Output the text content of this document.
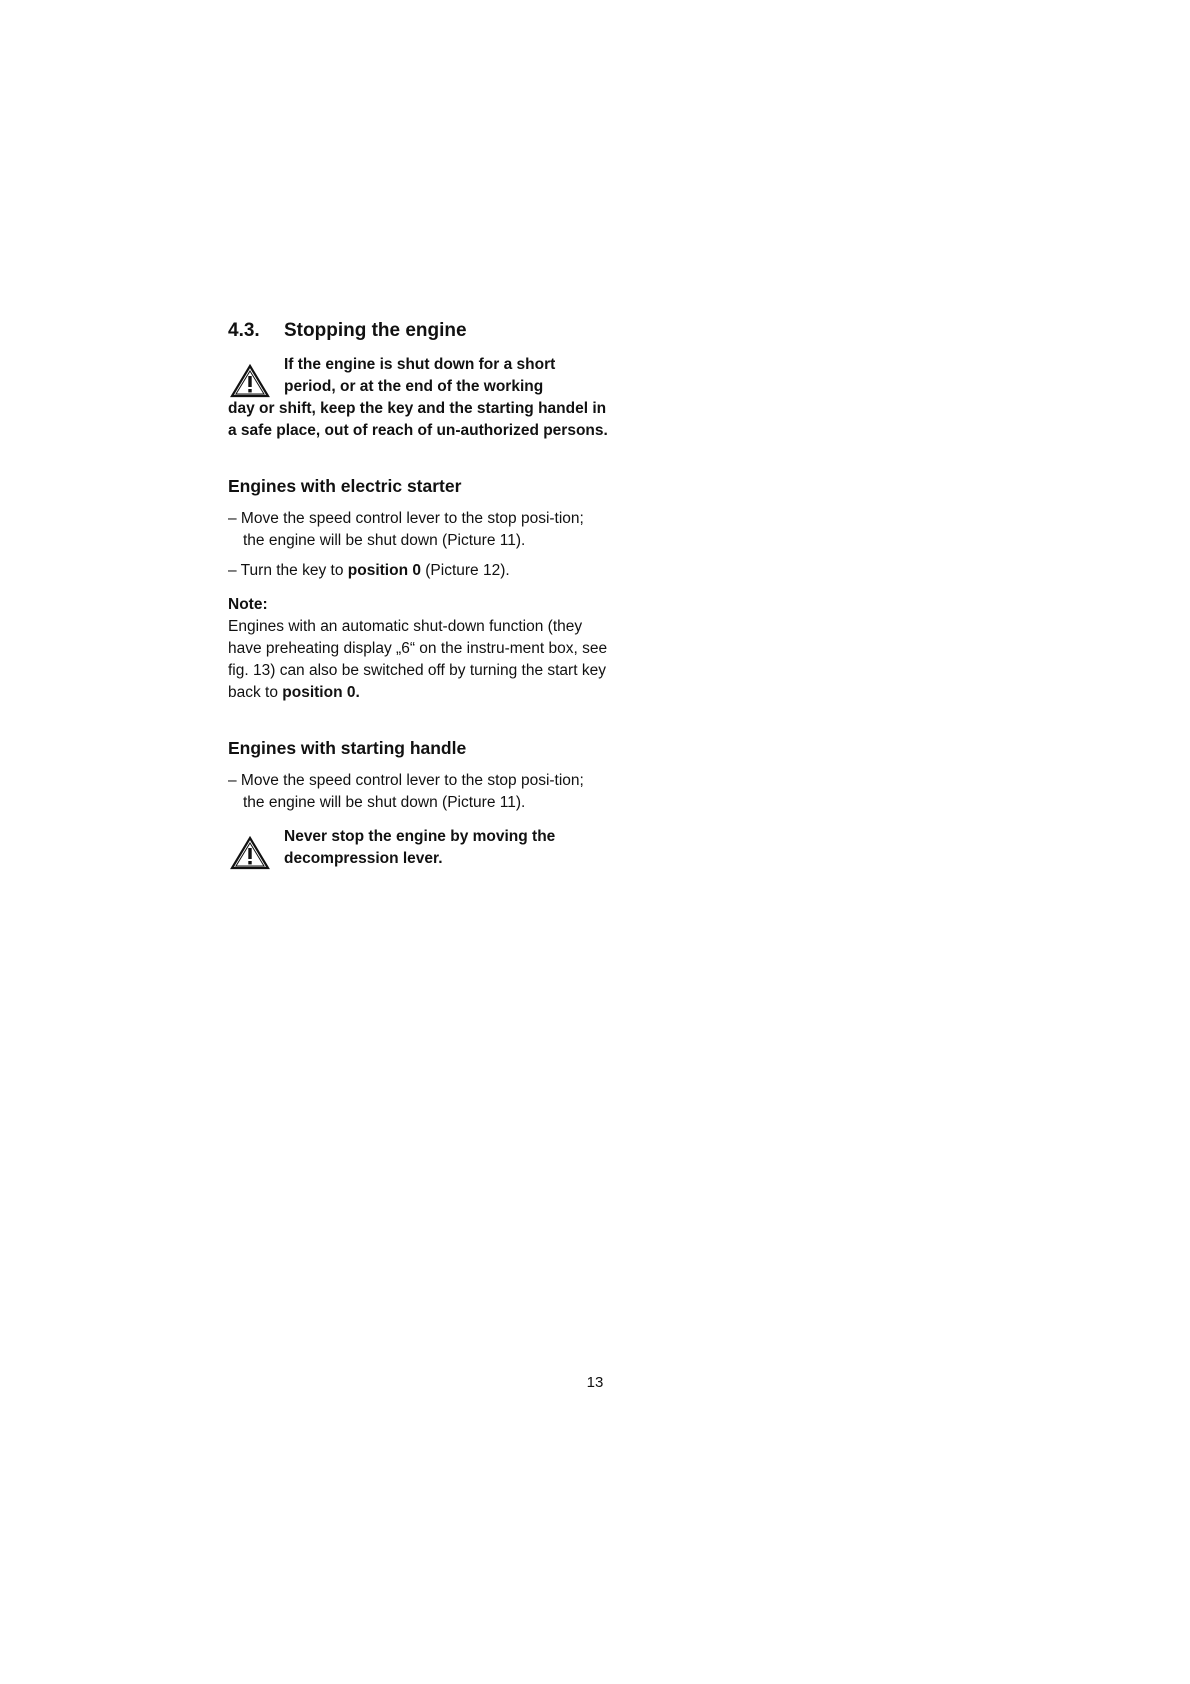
4.3. Stopping the engine
If the engine is shut down for a short period, or at the end of the working
day or shift, keep the key and the starting handel in a safe place, out of reach of un-authorized persons.
Engines with electric starter
– Move the speed control lever to the stop posi-tion; the engine will be shut down (Picture 11).
– Turn the key to position 0 (Picture 12).
Note:
Engines with an automatic shut-down function (they have preheating display „6“ on the instru-ment box, see fig. 13) can also be switched off by turning the start key back to position 0.
Engines with starting handle
– Move the speed control lever to the stop posi-tion; the engine will be shut down (Picture 11).
Never stop the engine by moving the decompression lever.
13
